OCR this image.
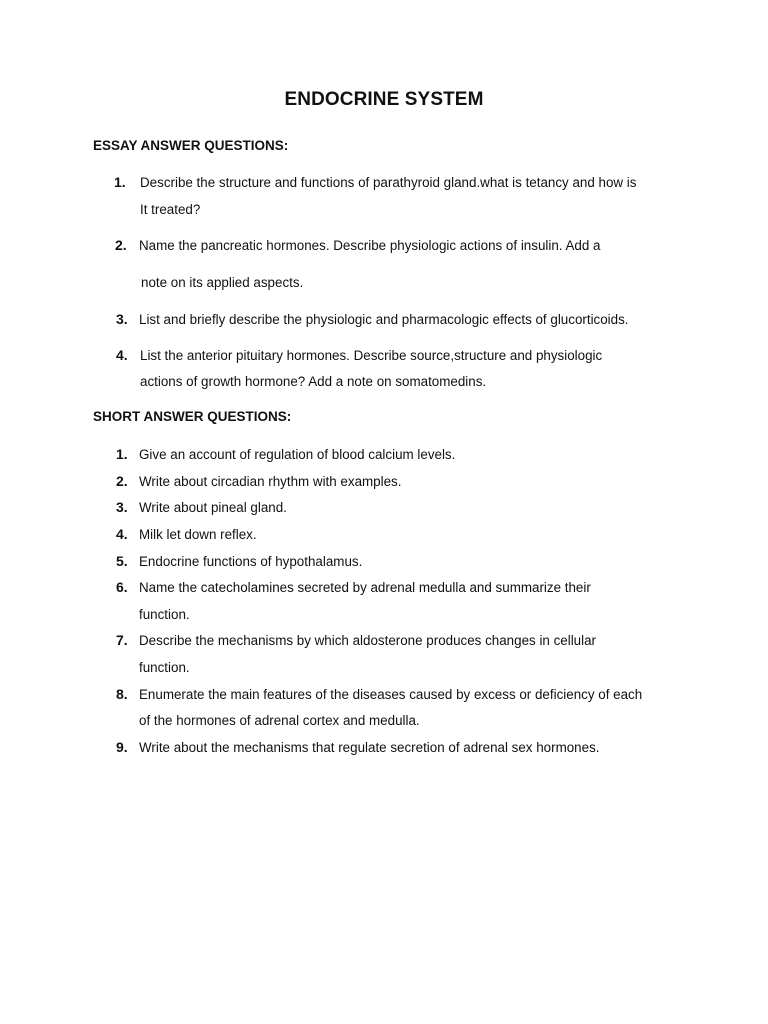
ENDOCRINE SYSTEM
ESSAY ANSWER QUESTIONS:
1. Describe the structure and functions of parathyroid gland.what is tetancy and how is
It treated?
2. Name the pancreatic hormones. Describe physiologic actions of insulin. Add a
note on its applied aspects.
3. List and briefly describe the physiologic and pharmacologic effects of glucorticoids.
4. List the anterior pituitary hormones. Describe source,structure and physiologic
actions of growth hormone? Add a note on somatomedins.
SHORT ANSWER QUESTIONS:
1. Give an account of regulation of blood calcium levels.
2. Write about circadian rhythm with examples.
3. Write about pineal gland.
4. Milk let down reflex.
5. Endocrine functions of hypothalamus.
6. Name the catecholamines secreted by adrenal medulla and summarize their
function.
7. Describe the mechanisms by which aldosterone produces changes in cellular
function.
8. Enumerate the main features of the diseases caused by excess or deficiency of each
of the hormones of adrenal cortex and medulla.
9. Write about the mechanisms that regulate secretion of adrenal sex hormones.
